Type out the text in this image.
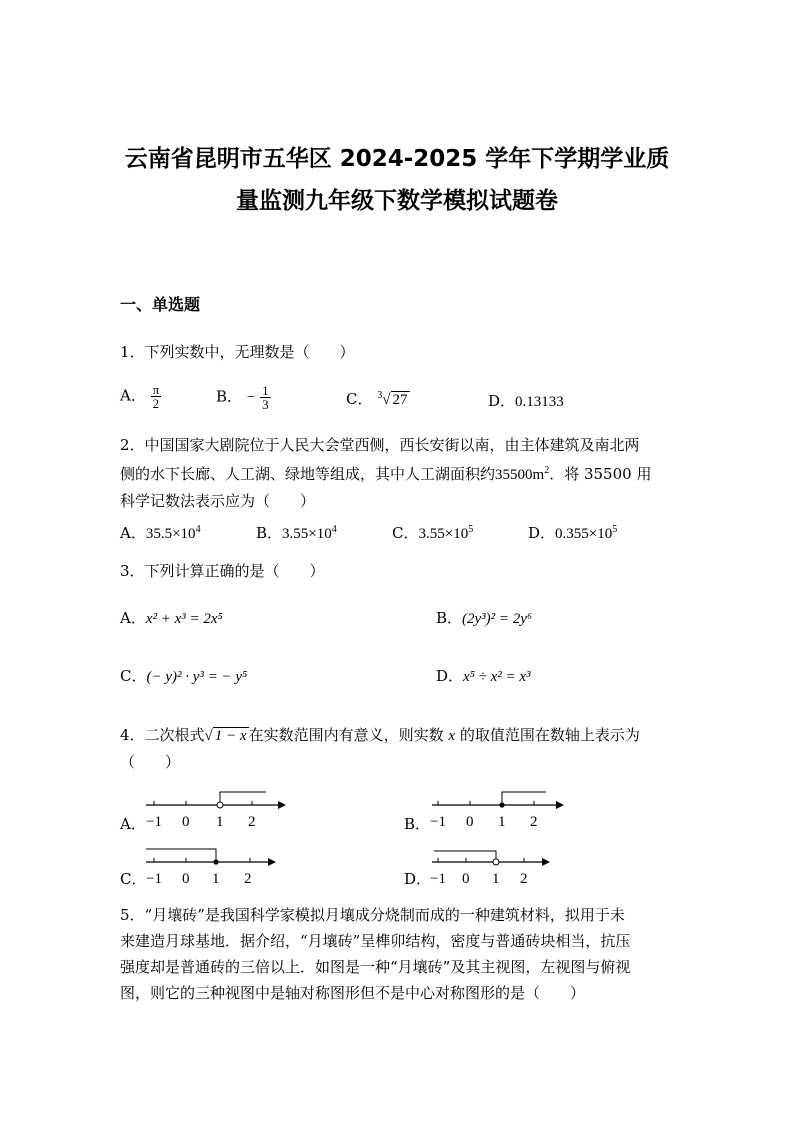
云南省昆明市五华区 2024-2025 学年下学期学业质
量监测九年级下数学模拟试题卷
一、单选题
1．下列实数中，无理数是（　　）
A． $\frac{\pi}{2}$	B． − $\frac{1}{3}$	C． $^3$√ 27	D．0.13133
2．中国国家大剧院位于人民大会堂西侧，西长安街以南，由主体建筑及南北两
侧的水下长廊、人工湖、绿地等组成，其中人工湖面积约$35500m^2$．将 35500 用
科学记数法表示应为（　　）
A．$35.5\times 10^4$	B．$3.55\times 10^4$	C．$3.55\times 10^5$	D．$0.355\times 10^5$
3．下列计算正确的是（　　）
A．x² + x³ = 2x⁵	B．(2y³)² = 2y⁶
C．(− y)² · y³ = − y⁵	D．x⁵ ÷ x² = x³
4．二次根式√ 1 − x 在实数范围内有意义，则实数 x 的取值范围在数轴上表示为
（　　）
A． −1 0 1 2	B． −1 0 1 2
C． −1 0 1 2	D．
−1 0 1 2
5．“月壤砖”是我国科学家模拟月壤成分烧制而成的一种建筑材料，拟用于未
来建造月球基地．据介绍，“月壤砖”呈榫卯结构，密度与普通砖块相当，抗压
强度却是普通砖的三倍以上．如图是一种“月壤砖”及其主视图，左视图与俯视
图，则它的三种视图中是轴对称图形但不是中心对称图形的是（　　）
